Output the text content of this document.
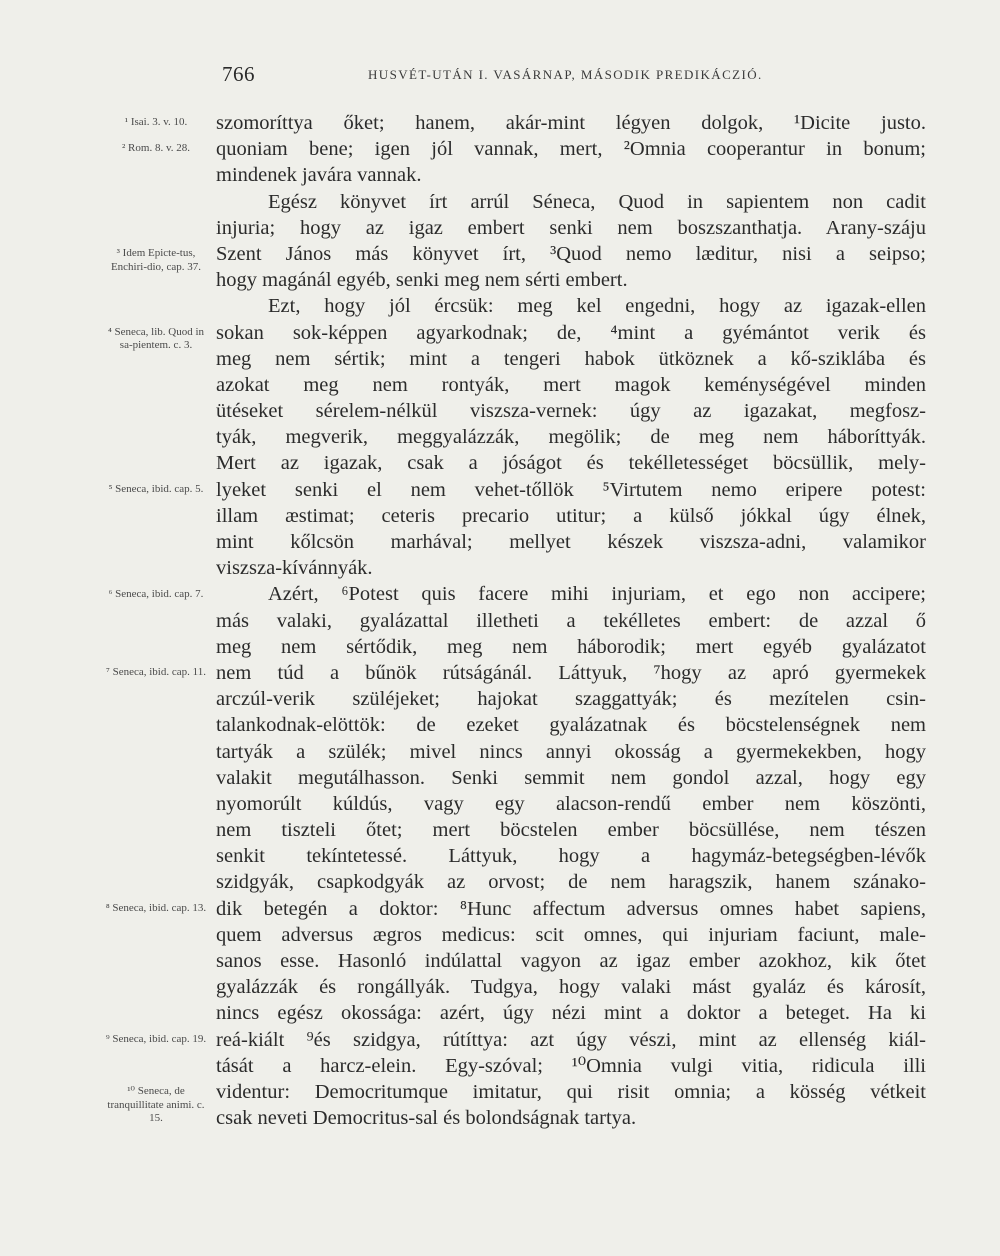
766	HUSVÉT-UTÁN I. VASÁRNAP, MÁSODIK PREDIKÁCZIÓ.
szomoríttya őket; hanem, akár-mint légyen dolgok, ¹Dicite justo.
quoniam bene; igen jól vannak, mert, ²Omnia cooperantur in bonum;
mindenek javára vannak.
Egész könyvet írt arrúl Séneca, Quod in sapientem non cadit
injuria; hogy az igaz embert senki nem boszszanthatja. Arany-száju
Szent János más könyvet írt, ³Quod nemo læditur, nisi a seipso;
hogy magánál egyéb, senki meg nem sérti embert.
Ezt, hogy jól ércsük: meg kel engedni, hogy az igazak-ellen
sokan sok-képpen agyarkodnak; de, ⁴mint a gyémántot verik és
meg nem sértik; mint a tengeri habok ütköznek a kő-sziklába és
azokat meg nem rontyák, mert magok keménységével minden
ütéseket sérelem-nélkül viszsza-vernek: úgy az igazakat, megfosz-
tyák, megverik, meggyalázzák, megölik; de meg nem háboríttyák.
Mert az igazak, csak a jóságot és tekélletességet böcsüllik, mely-
lyeket senki el nem vehet-tőllök ⁵Virtutem nemo eripere potest:
illam æstimat; ceteris precario utitur; a külső jókkal úgy élnek,
mint kőlcsön marhával; mellyet készek viszsza-adni, valamikor
viszsza-kívánnyák.
Azért, ⁶Potest quis facere mihi injuriam, et ego non accipere;
más valaki, gyalázattal illetheti a tekélletes embert: de azzal ő
meg nem sértődik, meg nem háborodik; mert egyéb gyalázatot
nem túd a bűnök rútságánál. Láttyuk, ⁷hogy az apró gyermekek
arczúl-verik szüléjeket; hajokat szaggattyák; és mezítelen csin-
talankodnak-elöttök: de ezeket gyalázatnak és böcstelenségnek nem
tartyák a szülék; mivel nincs annyi okosság a gyermekekben, hogy
valakit megutálhasson. Senki semmit nem gondol azzal, hogy egy
nyomorúlt kúldús, vagy egy alacson-rendű ember nem köszönti,
nem tiszteli őtet; mert böcstelen ember böcsüllése, nem tészen
senkit tekíntetessé. Láttyuk, hogy a hagymáz-betegségben-lévők
szidgyák, csapkodgyák az orvost; de nem haragszik, hanem szánako-
dik betegén a doktor: ⁸Hunc affectum adversus omnes habet sapiens,
quem adversus ægros medicus: scit omnes, qui injuriam faciunt, male-
sanos esse. Hasonló indúlattal vagyon az igaz ember azokhoz, kik őtet
gyalázzák és rongállyák. Tudgya, hogy valaki mást gyaláz és károsít,
nincs egész okossága: azért, úgy nézi mint a doktor a beteget. Ha ki
reá-kiált ⁹és szidgya, rútíttya: azt úgy vészi, mint az ellenség kiál-
tását a harcz-elein. Egy-szóval; ¹⁰Omnia vulgi vitia, ridicula illi
videntur: Democritumque imitatur, qui risit omnia; a kösség vétkeit
csak neveti Democritus-sal és bolondságnak tartya.
¹ Isai. 3. v. 10.
² Rom. 8. v. 28.
³ Idem Epicte-tus, Enchiri-dio, cap. 37.
⁴ Seneca, lib. Quod in sa-pientem. c. 3.
⁵ Seneca, ibid. cap. 5.
⁶ Seneca, ibid. cap. 7.
⁷ Seneca, ibid. cap. 11.
⁸ Seneca, ibid. cap. 13.
⁹ Seneca, ibid. cap. 19.
¹⁰ Seneca, de tranquillitate animi. c. 15.
